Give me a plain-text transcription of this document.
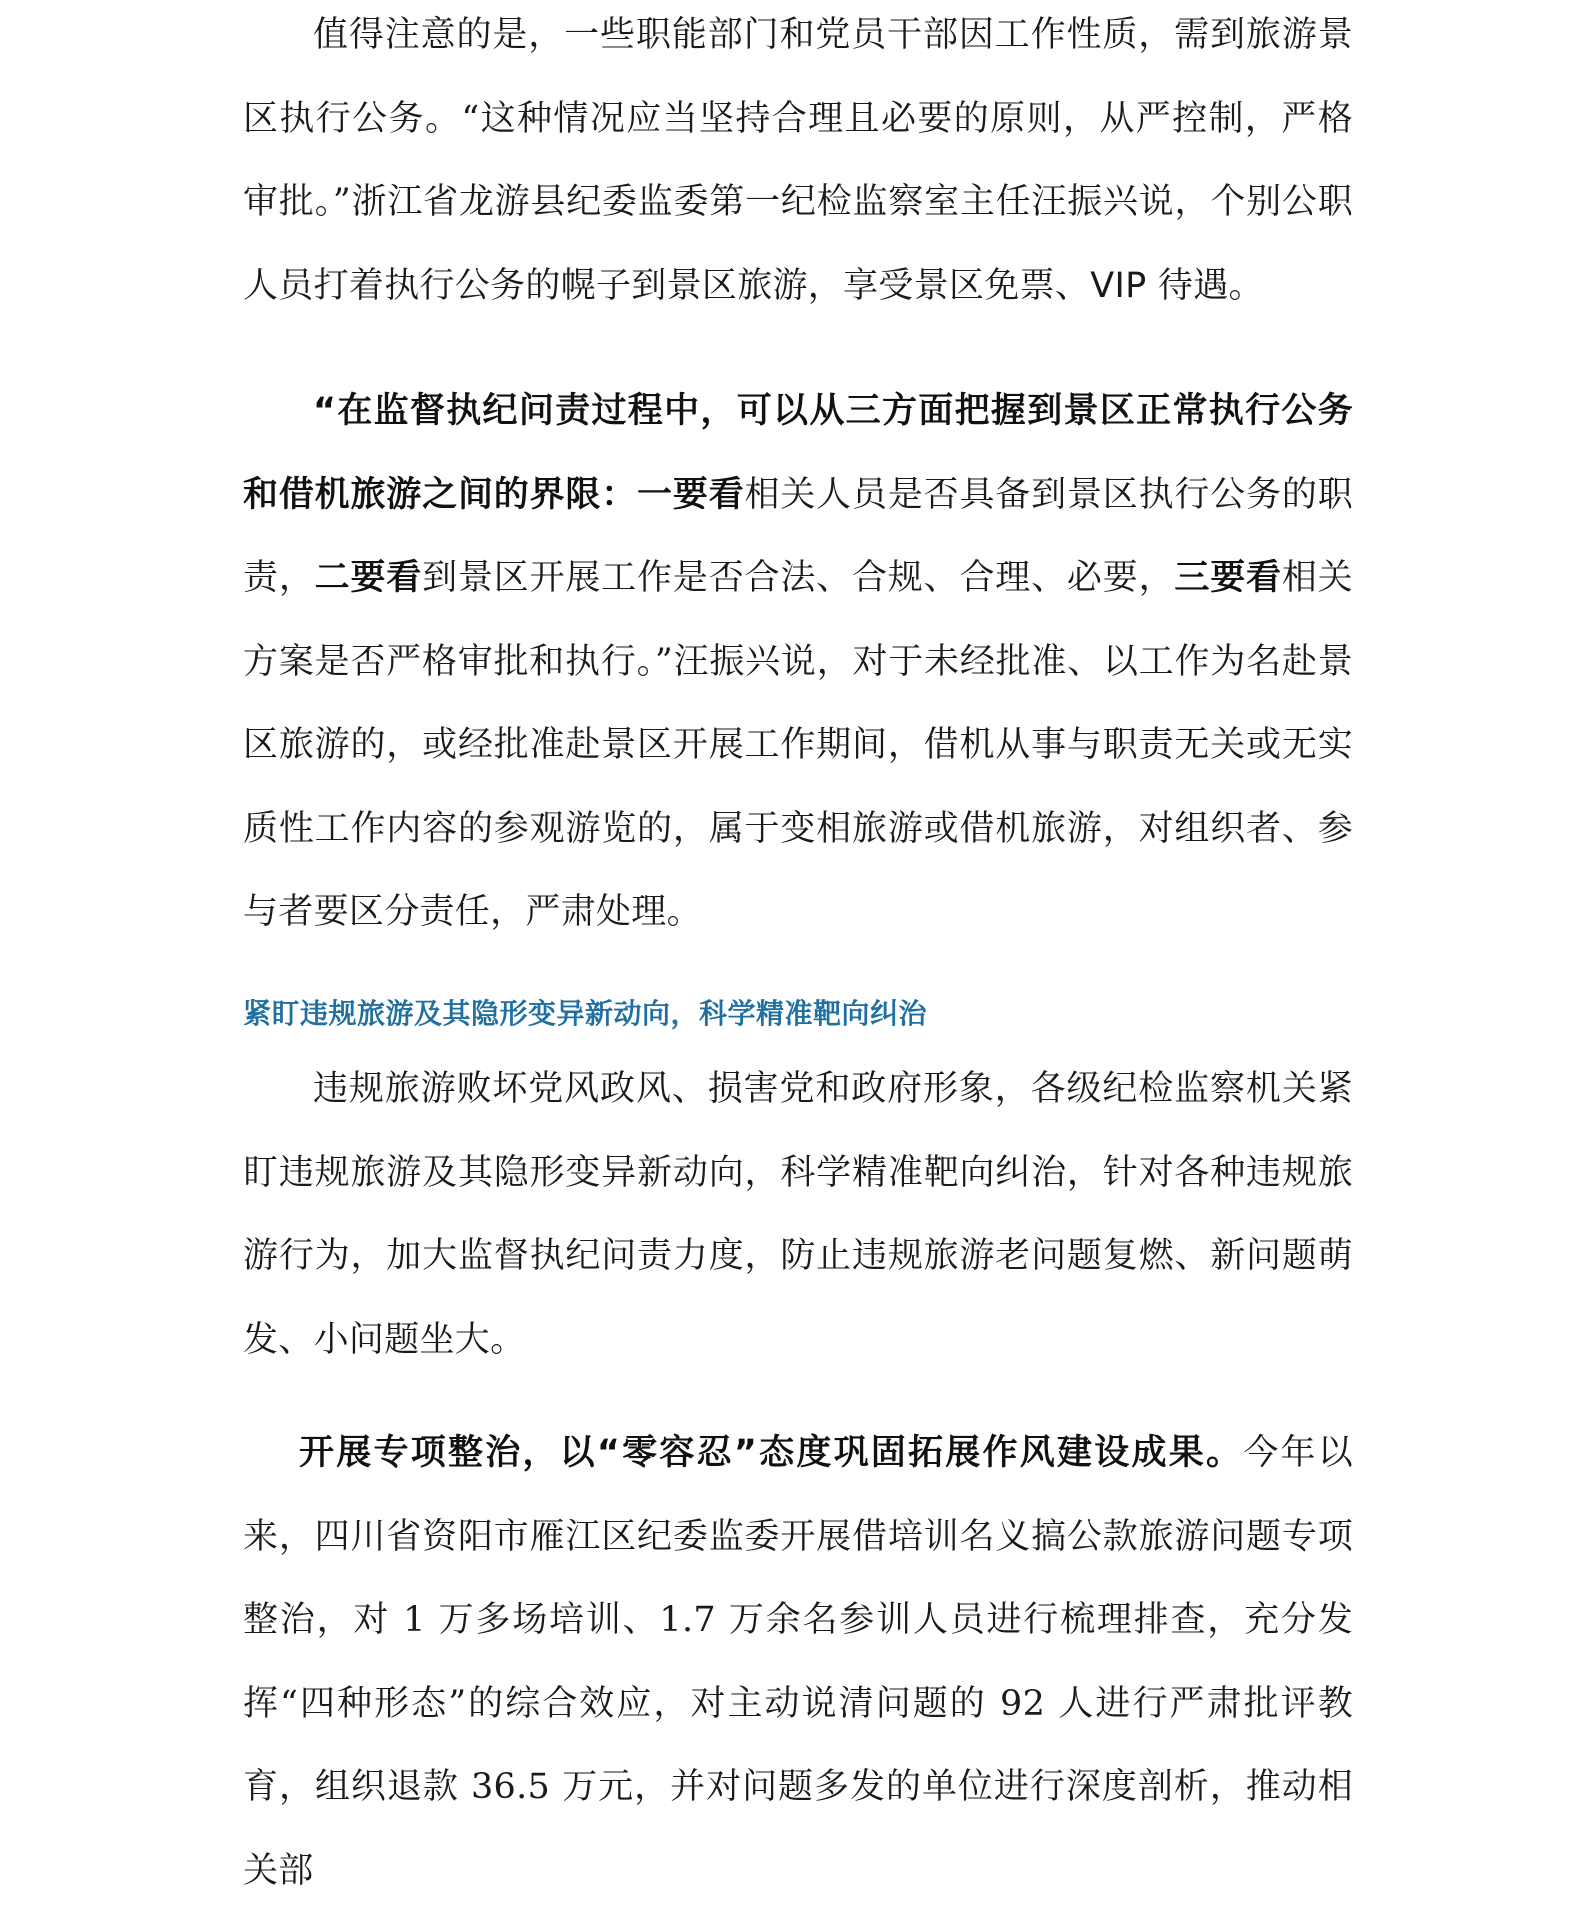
值得注意的是，一些职能部门和党员干部因工作性质，需到旅游景区执行公务。“这种情况应当坚持合理且必要的原则，从严控制，严格审批。”浙江省龙游县纪委监委第一纪检监察室主任汪振兴说，个别公职人员打着执行公务的幌子到景区旅游，享受景区免票、VIP 待遇。

“在监督执纪问责过程中，可以从三方面把握到景区正常执行公务和借机旅游之间的界限：一要看相关人员是否具备到景区执行公务的职责，二要看到景区开展工作是否合法、合规、合理、必要，三要看相关方案是否严格审批和执行。”汪振兴说，对于未经批准、以工作为名赴景区旅游的，或经批准赴景区开展工作期间，借机从事与职责无关或无实质性工作内容的参观游览的，属于变相旅游或借机旅游，对组织者、参与者要区分责任，严肃处理。

紧盯违规旅游及其隐形变异新动向，科学精准靶向纠治

违规旅游败坏党风政风、损害党和政府形象，各级纪检监察机关紧盯违规旅游及其隐形变异新动向，科学精准靶向纠治，针对各种违规旅游行为，加大监督执纪问责力度，防止违规旅游老问题复燃、新问题萌发、小问题坐大。

开展专项整治，以“零容忍”态度巩固拓展作风建设成果。今年以来，四川省资阳市雁江区纪委监委开展借培训名义搞公款旅游问题专项整治，对 1 万多场培训、1.7 万余名参训人员进行梳理排查，充分发挥“四种形态”的综合效应，对主动说清问题的 92 人进行严肃批评教育，组织退款 36.5 万元，并对问题多发的单位进行深度剖析，推动相关部
